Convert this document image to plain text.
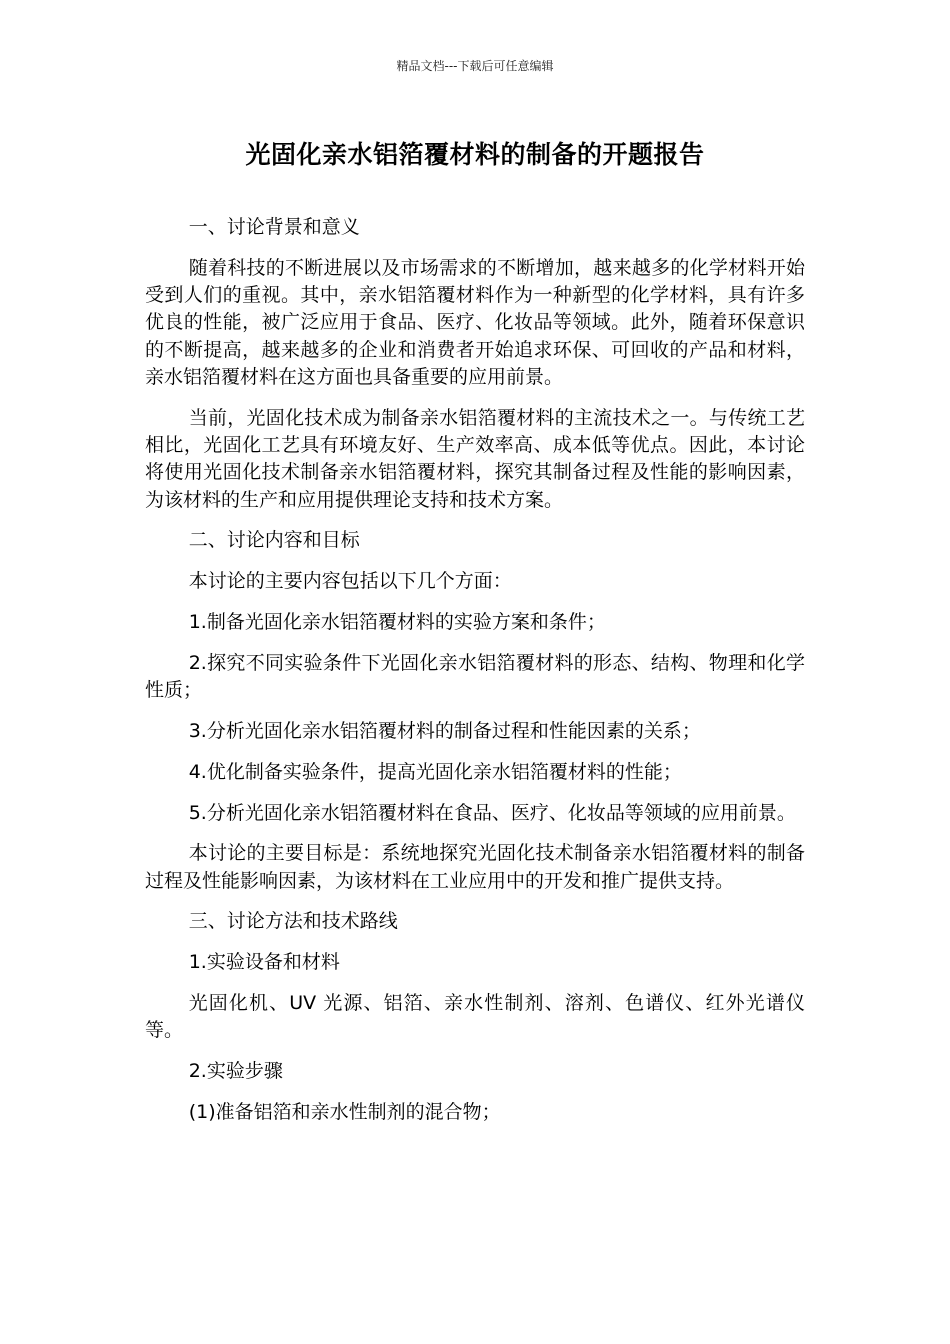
精品文档---下载后可任意编辑
光固化亲水铝箔覆材料的制备的开题报告

一、讨论背景和意义

随着科技的不断进展以及市场需求的不断增加，越来越多的化学材料开始受到人们的重视。其中，亲水铝箔覆材料作为一种新型的化学材料，具有许多优良的性能，被广泛应用于食品、医疗、化妆品等领域。此外，随着环保意识的不断提高，越来越多的企业和消费者开始追求环保、可回收的产品和材料，亲水铝箔覆材料在这方面也具备重要的应用前景。

当前，光固化技术成为制备亲水铝箔覆材料的主流技术之一。与传统工艺相比，光固化工艺具有环境友好、生产效率高、成本低等优点。因此，本讨论将使用光固化技术制备亲水铝箔覆材料，探究其制备过程及性能的影响因素，为该材料的生产和应用提供理论支持和技术方案。

二、讨论内容和目标

本讨论的主要内容包括以下几个方面：

1.制备光固化亲水铝箔覆材料的实验方案和条件；

2.探究不同实验条件下光固化亲水铝箔覆材料的形态、结构、物理和化学性质；

3.分析光固化亲水铝箔覆材料的制备过程和性能因素的关系；

4.优化制备实验条件，提高光固化亲水铝箔覆材料的性能；

5.分析光固化亲水铝箔覆材料在食品、医疗、化妆品等领域的应用前景。

本讨论的主要目标是：系统地探究光固化技术制备亲水铝箔覆材料的制备过程及性能影响因素，为该材料在工业应用中的开发和推广提供支持。

三、讨论方法和技术路线

1.实验设备和材料

光固化机、UV 光源、铝箔、亲水性制剂、溶剂、色谱仪、红外光谱仪等。

2.实验步骤

(1)准备铝箔和亲水性制剂的混合物；
